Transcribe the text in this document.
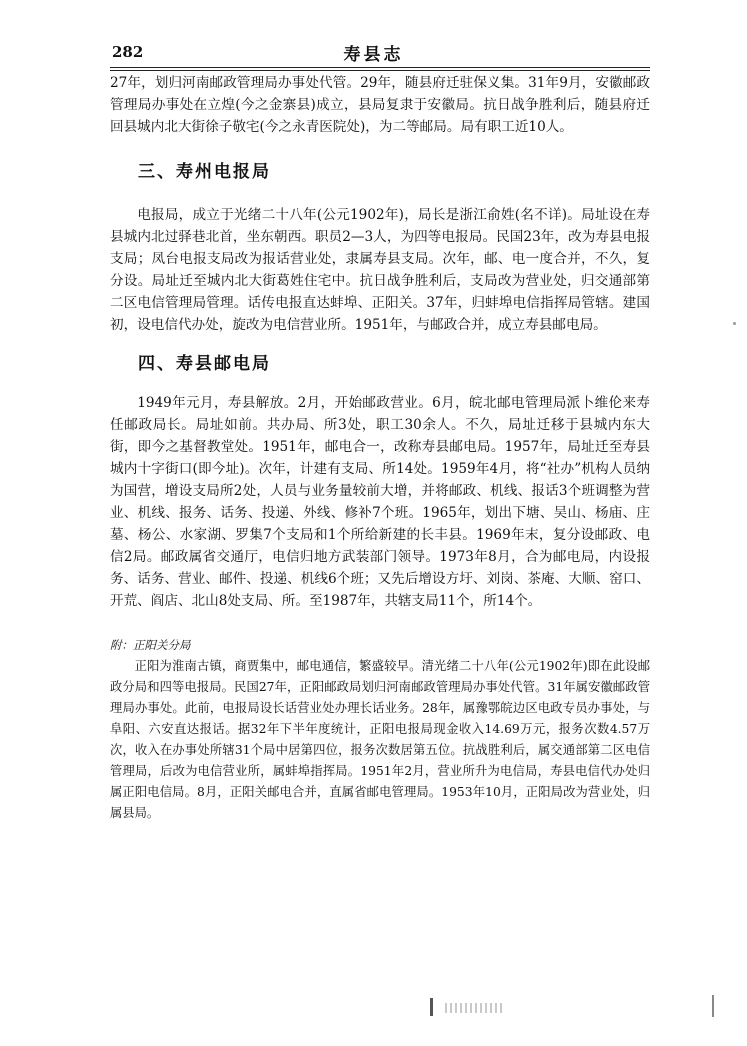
282	寿县志

27年，划归河南邮政管理局办事处代管。29年，随县府迁驻保义集。31年9月，安徽邮政管理局办事处在立煌(今之金寨县)成立，县局复隶于安徽局。抗日战争胜利后，随县府迁回县城内北大街徐子敬宅(今之永青医院处)，为二等邮局。局有职工近10人。

三、寿州电报局

电报局，成立于光绪二十八年(公元1902年)，局长是浙江俞姓(名不详)。局址设在寿县城内北过驿巷北首，坐东朝西。职员2—3人，为四等电报局。民国23年，改为寿县电报支局；凤台电报支局改为报话营业处，隶属寿县支局。次年，邮、电一度合并，不久，复分设。局址迁至城内北大街葛姓住宅中。抗日战争胜利后，支局改为营业处，归交通部第二区电信管理局管理。话传电报直达蚌埠、正阳关。37年，归蚌埠电信指挥局管辖。建国初，设电信代办处，旋改为电信营业所。1951年，与邮政合并，成立寿县邮电局。

四、寿县邮电局

1949年元月，寿县解放。2月，开始邮政营业。6月，皖北邮电管理局派卜维伦来寿任邮政局长。局址如前。共办局、所3处，职工30余人。不久，局址迁移于县城内东大街，即今之基督教堂处。1951年，邮电合一，改称寿县邮电局。1957年，局址迁至寿县城内十字街口(即今址)。次年，计建有支局、所14处。1959年4月，将“社办”机构人员纳为国营，增设支局所2处，人员与业务量较前大增，并将邮政、机线、报话3个班调整为营业、机线、报务、话务、投递、外线、修补7个班。1965年，划出下塘、吴山、杨庙、庄墓、杨公、水家湖、罗集7个支局和1个所给新建的长丰县。1969年末，复分设邮政、电信2局。邮政属省交通厅，电信归地方武装部门领导。1973年8月，合为邮电局，内设报务、话务、营业、邮件、投递、机线6个班；又先后增设方圩、刘岗、茶庵、大顺、窑口、开荒、阎店、北山8处支局、所。至1987年，共辖支局11个，所14个。

附：正阳关分局

正阳为淮南古镇，商贾集中，邮电通信，繁盛较早。清光绪二十八年(公元1902年)即在此设邮政分局和四等电报局。民国27年，正阳邮政局划归河南邮政管理局办事处代管。31年属安徽邮政管理局办事处。此前，电报局设长话营业处办理长话业务。28年，属豫鄂皖边区电政专员办事处，与阜阳、六安直达报话。据32年下半年度统计，正阳电报局现金收入14.69万元，报务次数4.57万次，收入在办事处所辖31个局中居第四位，报务次数居第五位。抗战胜利后，属交通部第二区电信管理局，后改为电信营业所，属蚌埠指挥局。1951年2月，营业所升为电信局，寿县电信代办处归属正阳电信局。8月，正阳关邮电合并，直属省邮电管理局。1953年10月，正阳局改为营业处，归属县局。
